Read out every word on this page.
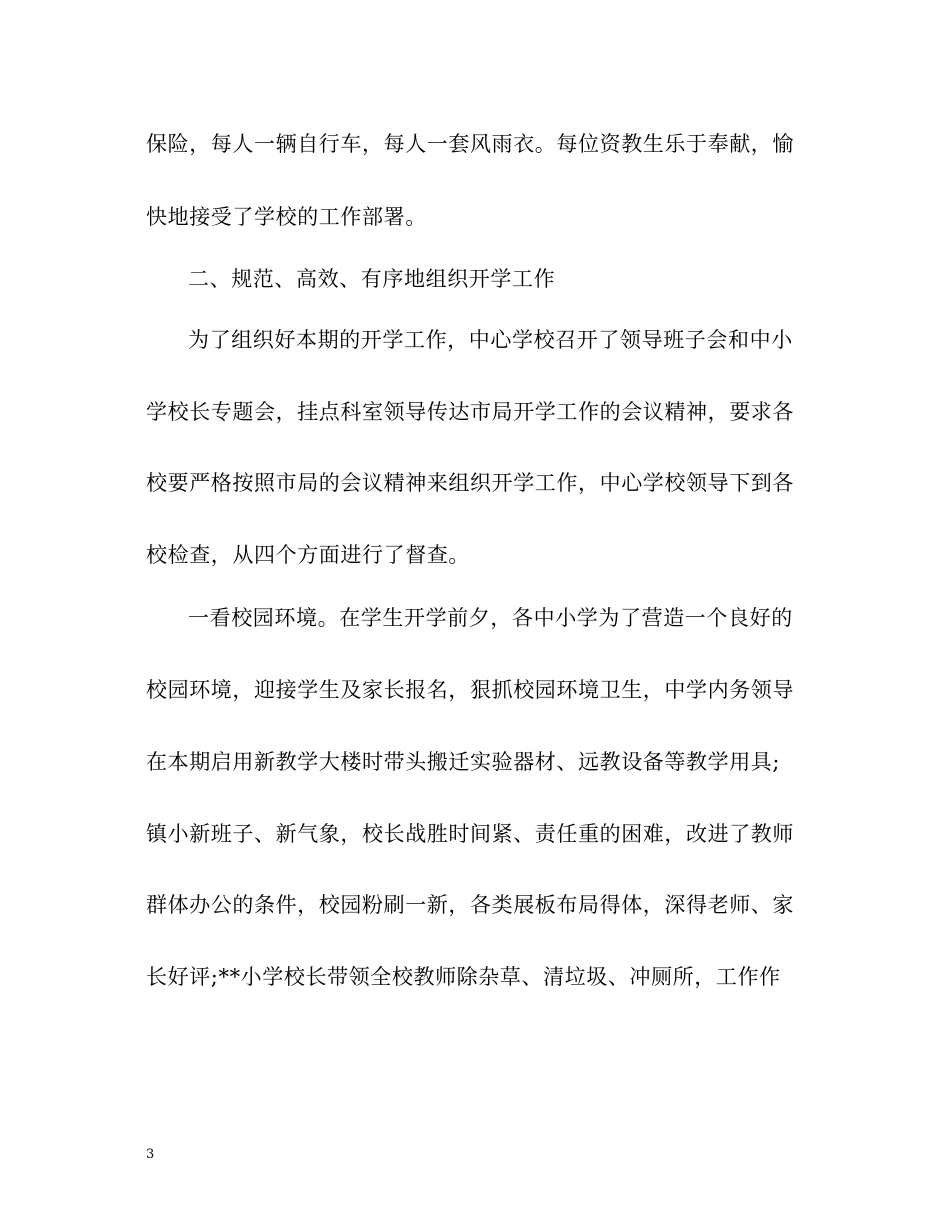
保险，每人一辆自行车，每人一套风雨衣。每位资教生乐于奉献，愉
快地接受了学校的工作部署。
二、规范、高效、有序地组织开学工作
为了组织好本期的开学工作，中心学校召开了领导班子会和中小
学校长专题会，挂点科室领导传达市局开学工作的会议精神，要求各
校要严格按照市局的会议精神来组织开学工作，中心学校领导下到各
校检查，从四个方面进行了督查。
一看校园环境。在学生开学前夕，各中小学为了营造一个良好的
校园环境，迎接学生及家长报名，狠抓校园环境卫生，中学内务领导
在本期启用新教学大楼时带头搬迁实验器材、远教设备等教学用具;
镇小新班子、新气象，校长战胜时间紧、责任重的困难，改进了教师
群体办公的条件，校园粉刷一新，各类展板布局得体，深得老师、家
长好评;**小学校长带领全校教师除杂草、清垃圾、冲厕所，工作作
3
